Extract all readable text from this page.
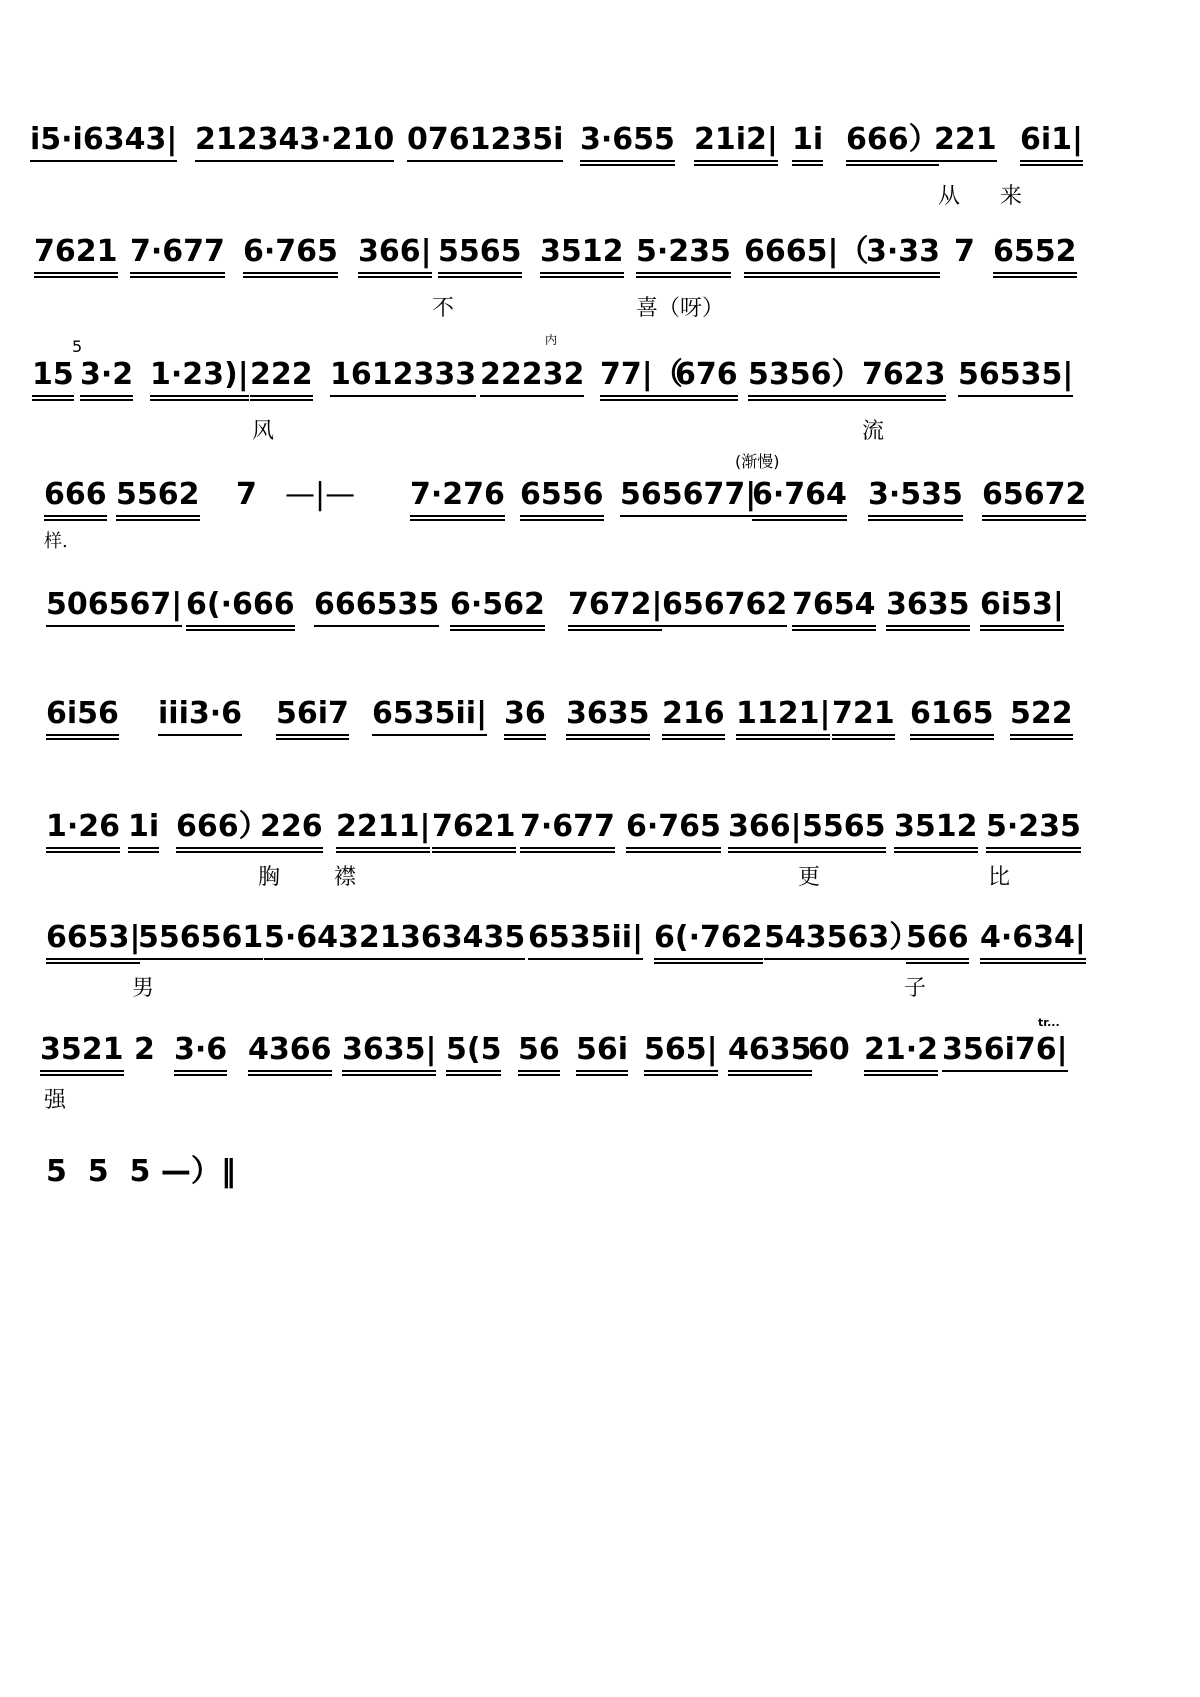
i5·i6343| 212343·210 0761235i 3·655 21i2| 1i 666）
221 6i1|
从 来
7621 7·677 6·765 366| 5565 3512 5·235 6665|（
3·33 7 6552
不	喜（呀）
5	内
15 3·2 1·23)| 222 1612333 22232 77|（
676 5356） 7623 56535|
风	流
(渐慢)
666 5562 7 —|— 7·276 6556 565677|
6·764 3·535 65672
样.
506567| 6(·666 666535 6·562 7672| 656762 7654 3635 6i53|
6i56 iii3·6 56i7 6535ii| 36 3635 216 1121| 721 6165 522
1·26 1i 666）
226 2211| 7621 7·677 6·765 366| 5565 3512 5·235
胸 襟	更	比
6653|
556561 5·64321 363435 6535ii| 6(·762 543563）
566 4·634|
男	子
tr...
3521 2 3·6 4366 3635| 5(5 56 56i 565| 4635
60 21·2 356i76|
强
5  5  5 —）‖
